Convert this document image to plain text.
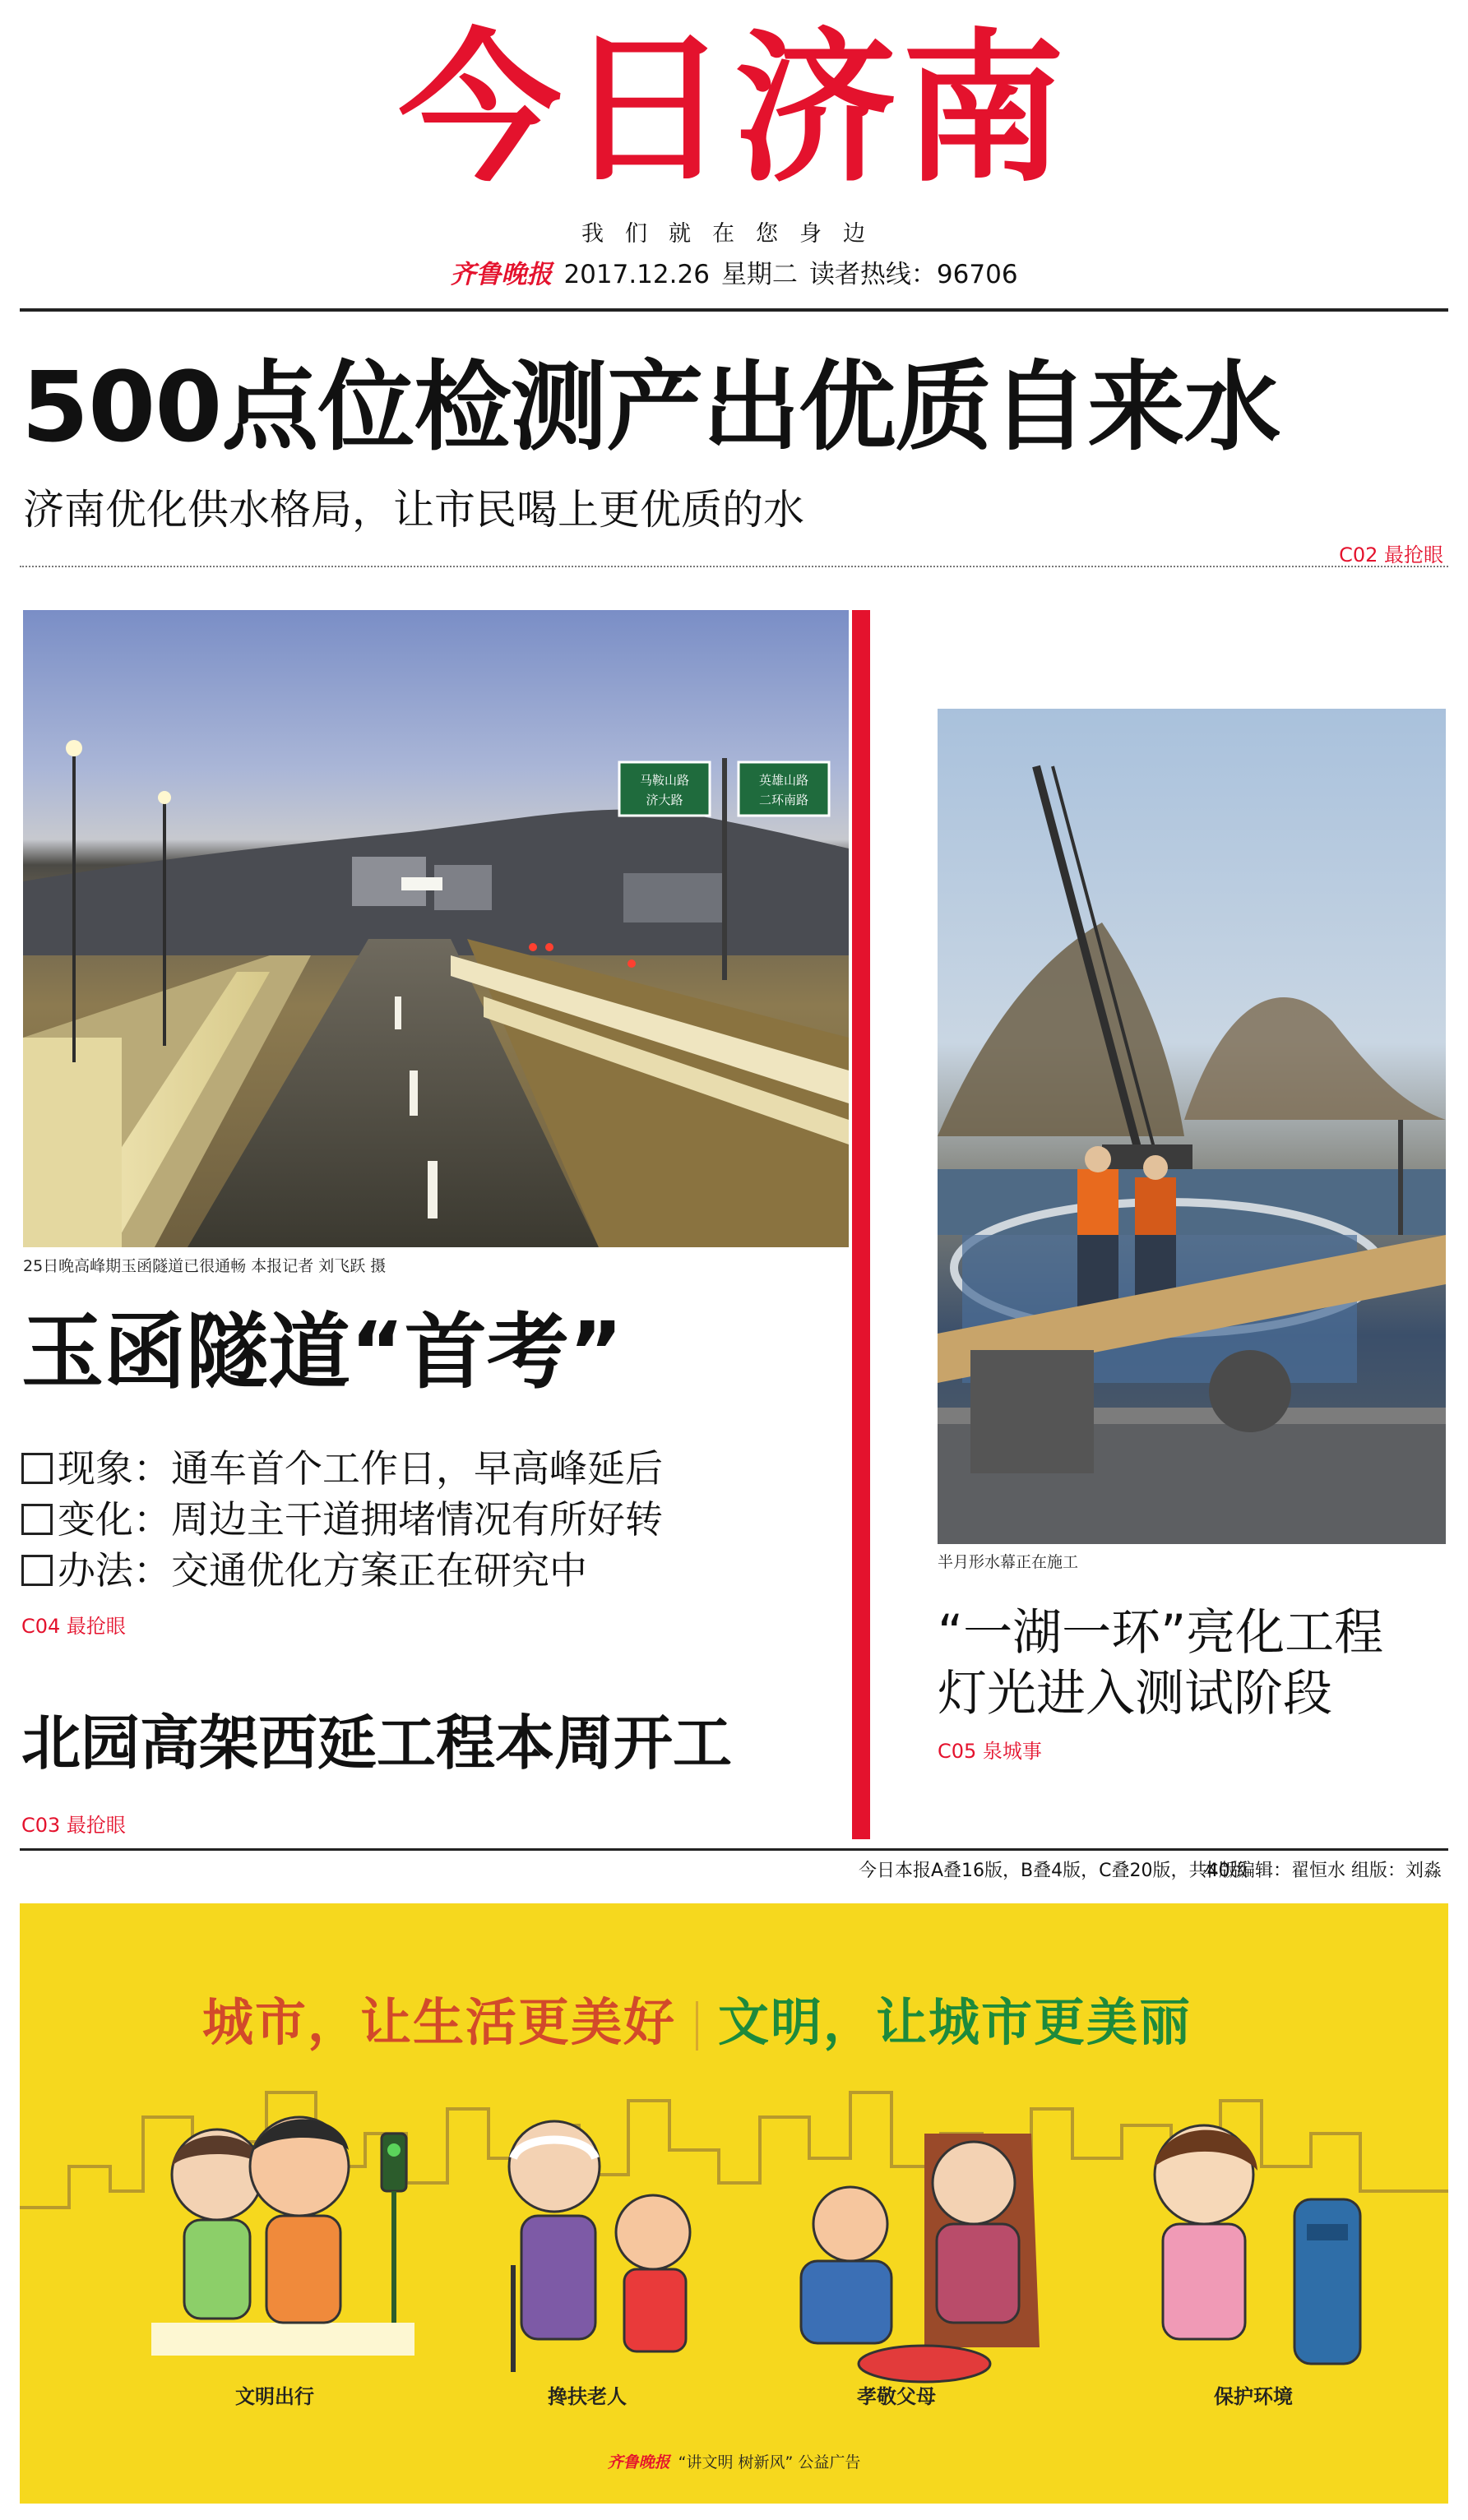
今日济南
我们就在您身边
齐鲁晚报 2017.12.26 星期二 读者热线：96706
500点位检测产出优质自来水
济南优化供水格局，让市民喝上更优质的水
C02 最抢眼
马鞍山路
济大路
英雄山路
二环南路
25日晚高峰期玉函隧道已很通畅 本报记者 刘飞跃 摄
玉函隧道“首考”
现象：通车首个工作日，早高峰延后
变化：周边主干道拥堵情况有所好转
办法：交通优化方案正在研究中
C04 最抢眼
北园高架西延工程本周开工
C03 最抢眼
半月形水幕正在施工
“一湖一环”亮化工程
灯光进入测试阶段
C05 泉城事
今日本报A叠16版，B叠4版，C叠20版，共40版
本版编辑：翟恒水 组版：刘淼
城市，让生活更美好 文明，让城市更美丽
文明出行	搀扶老人	孝敬父母	保护环境
齐鲁晚报 “讲文明 树新风” 公益广告
